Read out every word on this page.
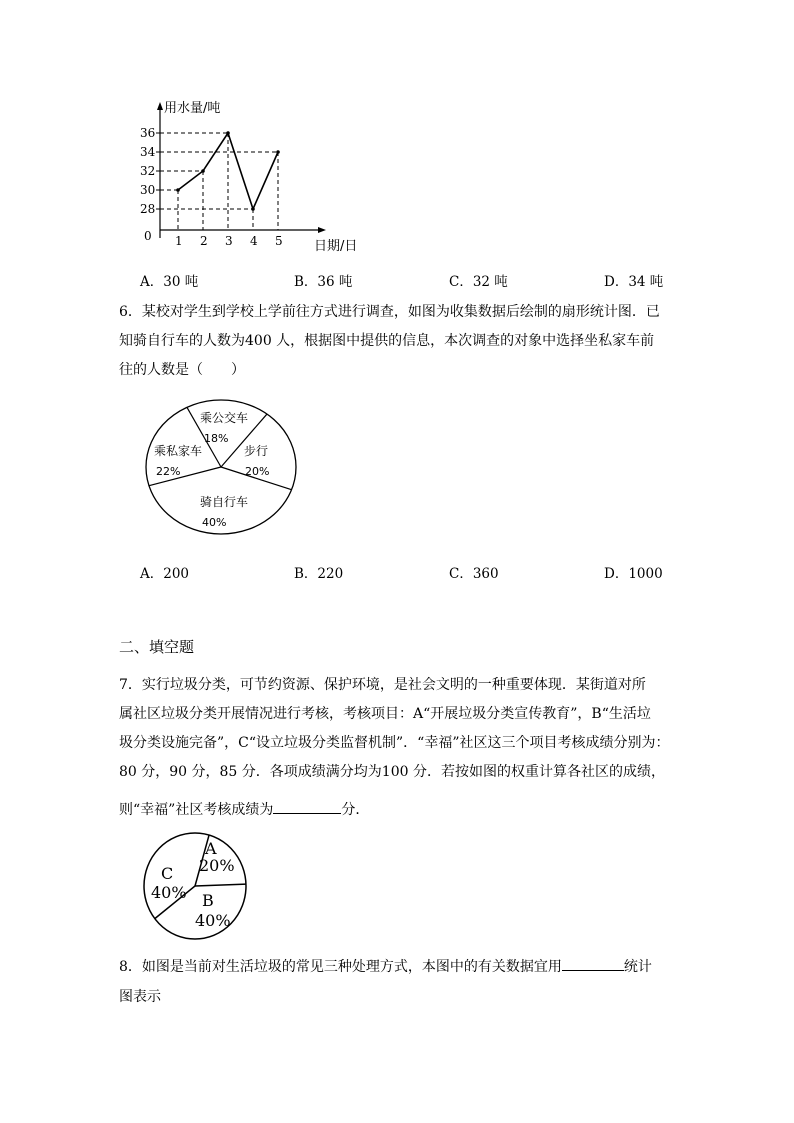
用水量/吨
日期/日
0
28
30
32
34
36
1 2 3 4 5
A．30 吨	B．36 吨	C．32 吨	D．34 吨
6．某校对学生到学校上学前往方式进行调查，如图为收集数据后绘制的扇形统计图．已
知骑自行车的人数为400 人，根据图中提供的信息，本次调查的对象中选择坐私家车前
往的人数是（　　）
乘公交车
18%
步行
20%
骑自行车
40%
乘私家车
22%
A．200	B．220	C．360	D．1000
二、填空题
7．实行垃圾分类，可节约资源、保护环境，是社会文明的一种重要体现．某街道对所
属社区垃圾分类开展情况进行考核，考核项目：A“开展垃圾分类宣传教育”，B“生活垃
圾分类设施完备”，C“设立垃圾分类监督机制”．“幸福”社区这三个项目考核成绩分别为：
80 分，90 分，85 分．各项成绩满分均为100 分．若按如图的权重计算各社区的成绩，
则“幸福”社区考核成绩为	分．
A
20%
B
40%
C
40%
8．如图是当前对生活垃圾的常见三种处理方式，本图中的有关数据宜用	统计
图表示
